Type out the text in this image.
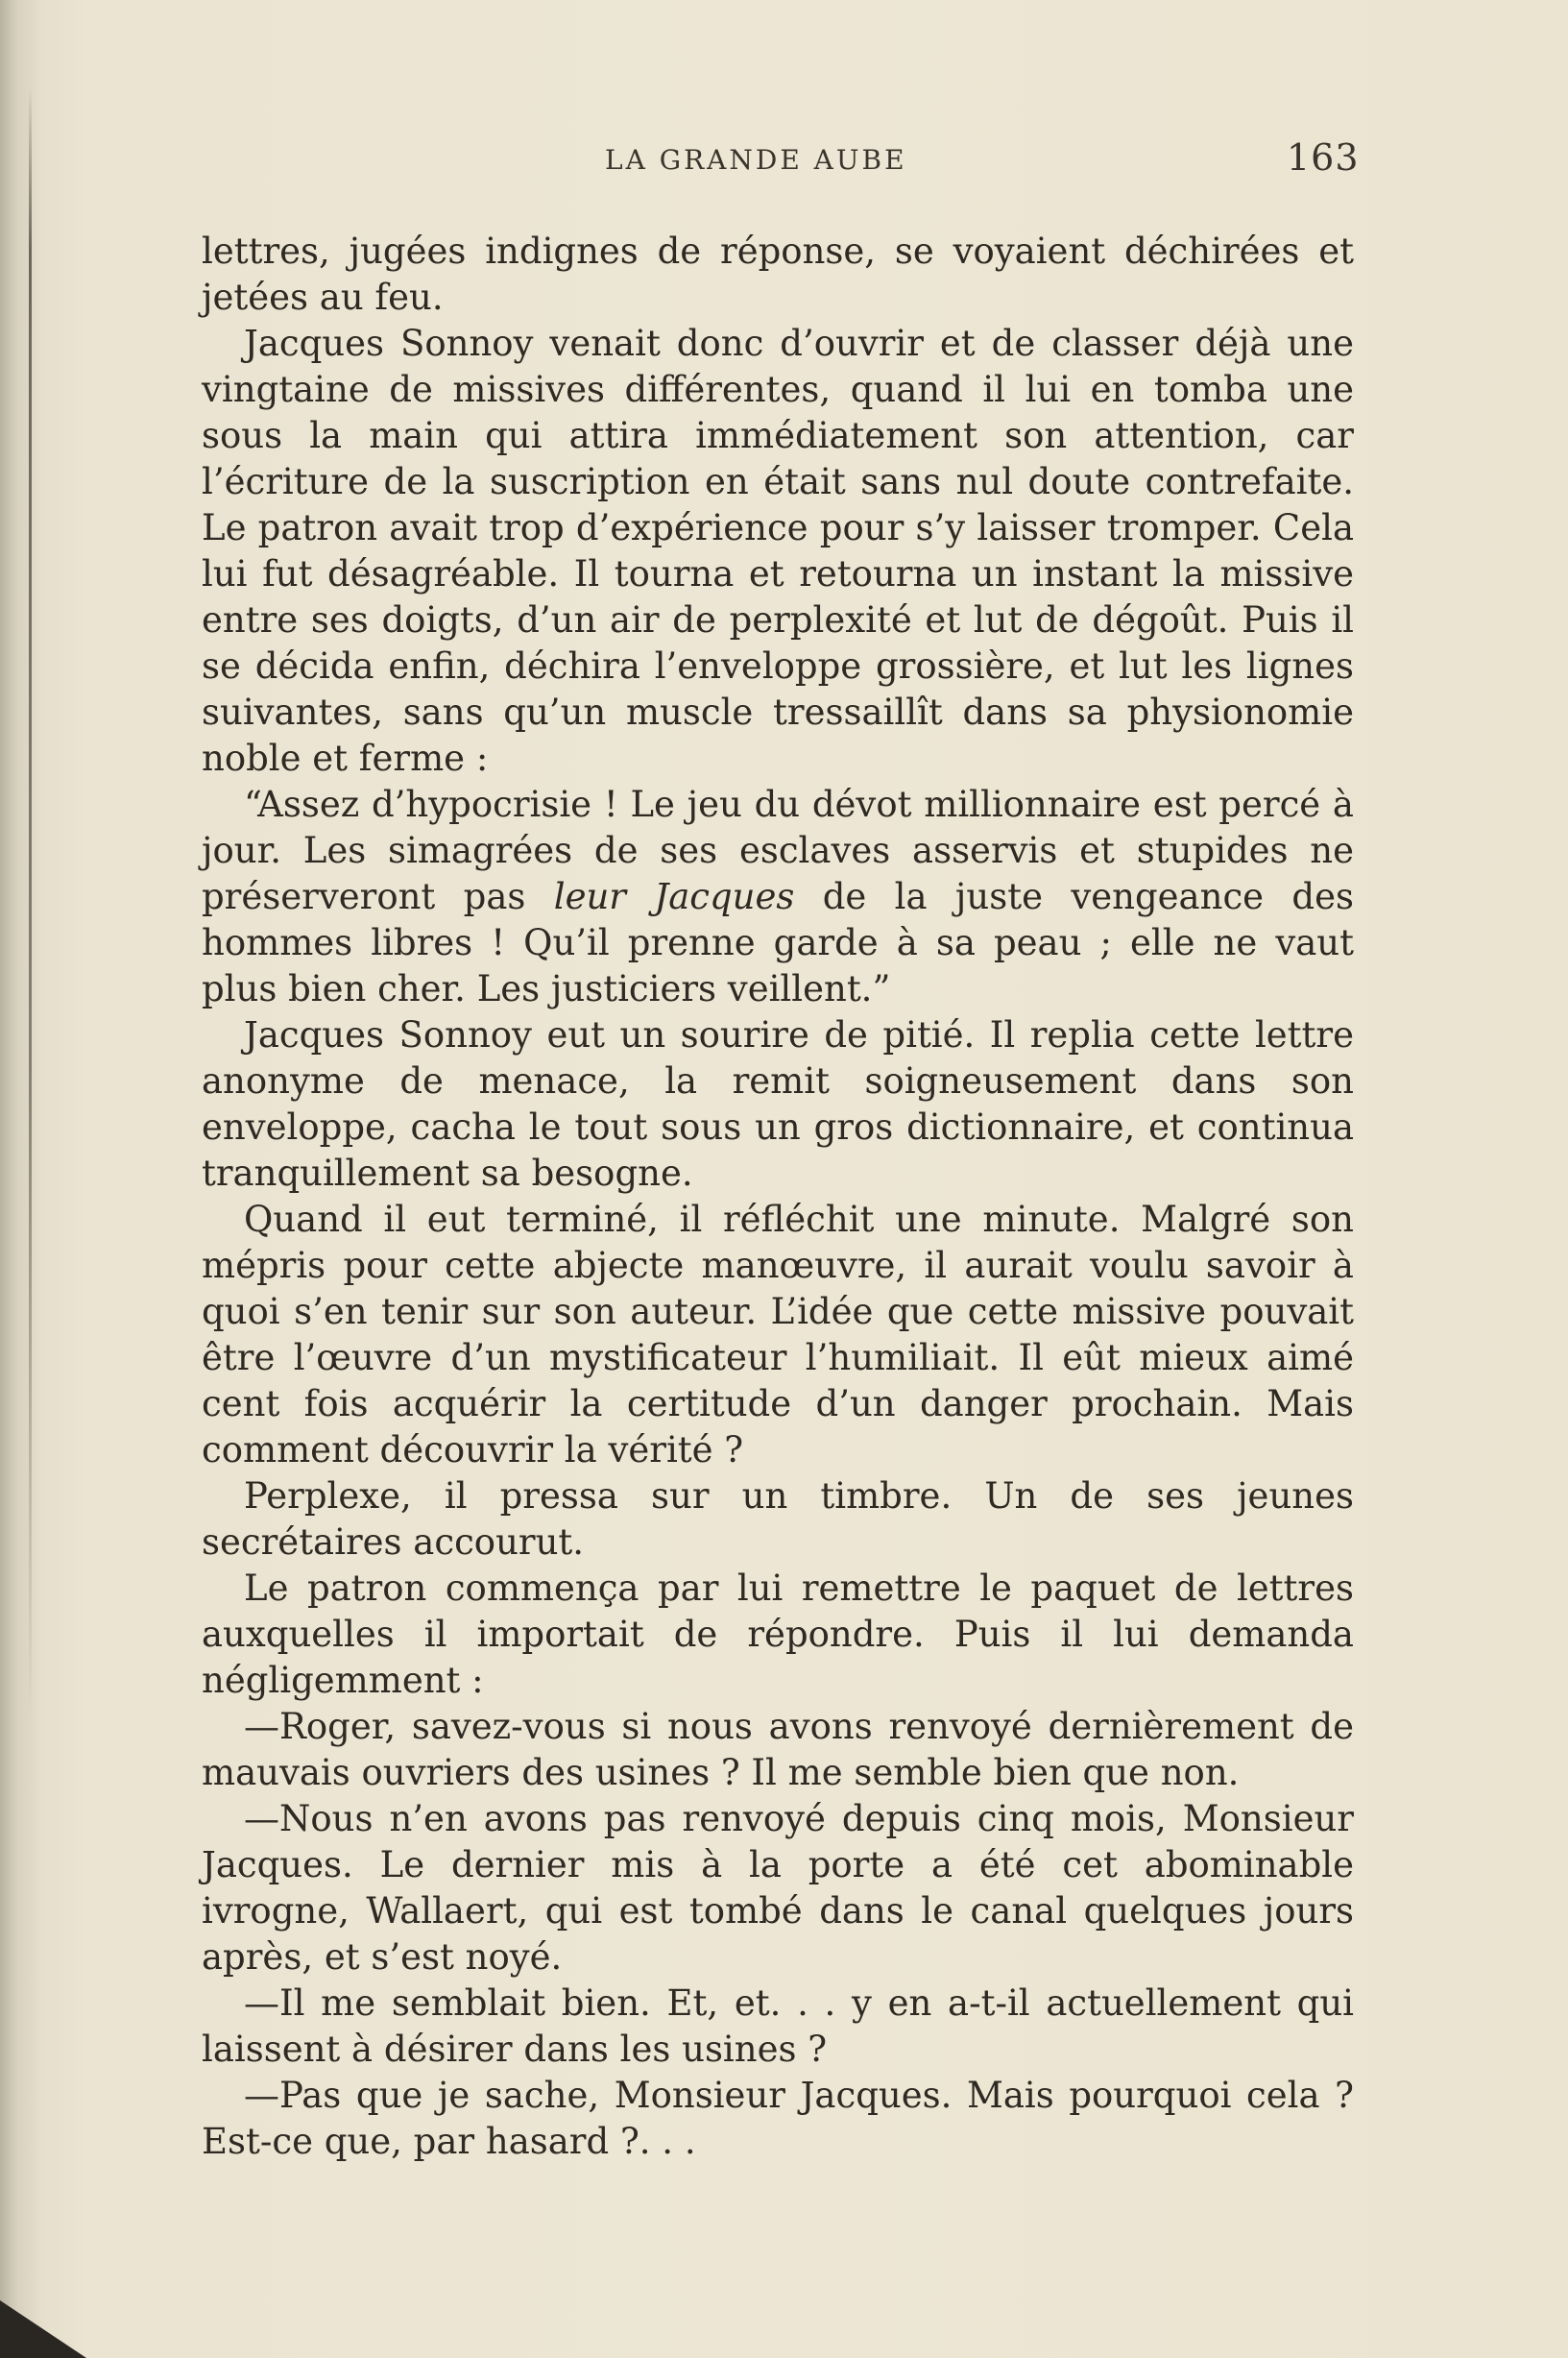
LA GRANDE AUBE	163

lettres, jugées indignes de réponse, se voyaient déchirées et jetées au feu.

Jacques Sonnoy venait donc d’ouvrir et de classer déjà une vingtaine de missives différentes, quand il lui en tomba une sous la main qui attira immédiatement son attention, car l’écriture de la suscription en était sans nul doute contrefaite. Le patron avait trop d’expérience pour s’y laisser tromper. Cela lui fut désagréable. Il tourna et retourna un instant la missive entre ses doigts, d’un air de perplexité et lut de dégoût. Puis il se décida enfin, déchira l’enveloppe grossière, et lut les lignes suivantes, sans qu’un muscle tressaillît dans sa physionomie noble et ferme :

“Assez d’hypocrisie ! Le jeu du dévot millionnaire est percé à jour. Les simagrées de ses esclaves asservis et stupides ne préserveront pas leur Jacques de la juste vengeance des hommes libres ! Qu’il prenne garde à sa peau ; elle ne vaut plus bien cher. Les justiciers veillent.”

Jacques Sonnoy eut un sourire de pitié. Il replia cette lettre anonyme de menace, la remit soigneusement dans son enveloppe, cacha le tout sous un gros dictionnaire, et continua tranquillement sa besogne.

Quand il eut terminé, il réfléchit une minute. Malgré son mépris pour cette abjecte manœuvre, il aurait voulu savoir à quoi s’en tenir sur son auteur. L’idée que cette missive pouvait être l’œuvre d’un mystificateur l’humiliait. Il eût mieux aimé cent fois acquérir la certitude d’un danger prochain. Mais comment découvrir la vérité ?

Perplexe, il pressa sur un timbre. Un de ses jeunes secrétaires accourut.

Le patron commença par lui remettre le paquet de lettres auxquelles il importait de répondre. Puis il lui demanda négligemment :

—Roger, savez-vous si nous avons renvoyé dernièrement de mauvais ouvriers des usines ? Il me semble bien que non.

—Nous n’en avons pas renvoyé depuis cinq mois, Monsieur Jacques. Le dernier mis à la porte a été cet abominable ivrogne, Wallaert, qui est tombé dans le canal quelques jours après, et s’est noyé.

—Il me semblait bien. Et, et. . . y en a-t-il actuellement qui laissent à désirer dans les usines ?

—Pas que je sache, Monsieur Jacques. Mais pourquoi cela ? Est-ce que, par hasard ?. . .
